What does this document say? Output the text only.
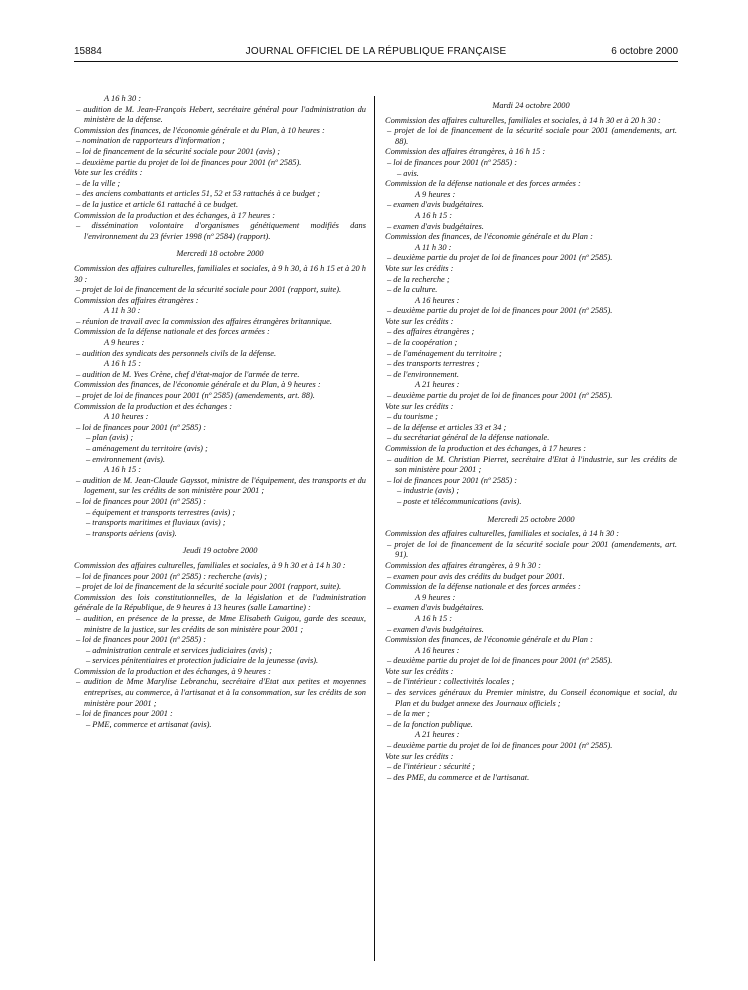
15884	JOURNAL OFFICIEL DE LA RÉPUBLIQUE FRANÇAISE	6 octobre 2000
A 16 h 30 :
– audition de M. Jean-François Hebert, secrétaire général pour l'administration du ministère de la défense.
Commission des finances, de l'économie générale et du Plan, à 10 heures :
– nomination de rapporteurs d'information ;
– loi de financement de la sécurité sociale pour 2001 (avis) ;
– deuxième partie du projet de loi de finances pour 2001 (nº 2585).
Vote sur les crédits :
– de la ville ;
– des anciens combattants et articles 51, 52 et 53 rattachés à ce budget ;
– de la justice et article 61 rattaché à ce budget.
Commission de la production et des échanges, à 17 heures :
– dissémination volontaire d'organismes génétiquement modifiés dans l'environnement du 23 février 1998 (nº 2584) (rapport).
Mercredi 18 octobre 2000
Commission des affaires culturelles, familiales et sociales, à 9 h 30, à 16 h 15 et à 20 h 30 :
– projet de loi de financement de la sécurité sociale pour 2001 (rapport, suite).
Commission des affaires étrangères :
A 11 h 30 :
– réunion de travail avec la commission des affaires étrangères britannique.
Commission de la défense nationale et des forces armées :
A 9 heures :
– audition des syndicats des personnels civils de la défense.
A 16 h 15 :
– audition de M. Yves Crène, chef d'état-major de l'armée de terre.
Commission des finances, de l'économie générale et du Plan, à 9 heures :
– projet de loi de finances pour 2001 (nº 2585) (amendements, art. 88).
Commission de la production et des échanges :
A 10 heures :
– loi de finances pour 2001 (nº 2585) :
– plan (avis) ;
– aménagement du territoire (avis) ;
– environnement (avis).
A 16 h 15 :
– audition de M. Jean-Claude Gayssot, ministre de l'équipement, des transports et du logement, sur les crédits de son ministère pour 2001 ;
– loi de finances pour 2001 (nº 2585) :
– équipement et transports terrestres (avis) ;
– transports maritimes et fluviaux (avis) ;
– transports aériens (avis).
Jeudi 19 octobre 2000
Commission des affaires culturelles, familiales et sociales, à 9 h 30 et à 14 h 30 :
– loi de finances pour 2001 (nº 2585) : recherche (avis) ;
– projet de loi de financement de la sécurité sociale pour 2001 (rapport, suite).
Commission des lois constitutionnelles, de la législation et de l'administration générale de la République, de 9 heures à 13 heures (salle Lamartine) :
– audition, en présence de la presse, de Mme Elisabeth Guigou, garde des sceaux, ministre de la justice, sur les crédits de son ministère pour 2001 ;
– loi de finances pour 2001 (nº 2585) :
– administration centrale et services judiciaires (avis) ;
– services pénitentiaires et protection judiciaire de la jeunesse (avis).
Commission de la production et des échanges, à 9 heures :
– audition de Mme Marylise Lebranchu, secrétaire d'Etat aux petites et moyennes entreprises, au commerce, à l'artisanat et à la consommation, sur les crédits de son ministère pour 2001 ;
– loi de finances pour 2001 :
– PME, commerce et artisanat (avis).
Mardi 24 octobre 2000
Commission des affaires culturelles, familiales et sociales, à 14 h 30 et à 20 h 30 :
– projet de loi de financement de la sécurité sociale pour 2001 (amendements, art. 88).
Commission des affaires étrangères, à 16 h 15 :
– loi de finances pour 2001 (nº 2585) :
– avis.
Commission de la défense nationale et des forces armées :
A 9 heures :
– examen d'avis budgétaires.
A 16 h 15 :
– examen d'avis budgétaires.
Commission des finances, de l'économie générale et du Plan :
A 11 h 30 :
– deuxième partie du projet de loi de finances pour 2001 (nº 2585).
Vote sur les crédits :
– de la recherche ;
– de la culture.
A 16 heures :
– deuxième partie du projet de loi de finances pour 2001 (nº 2585).
Vote sur les crédits :
– des affaires étrangères ;
– de la coopération ;
– de l'aménagement du territoire ;
– des transports terrestres ;
– de l'environnement.
A 21 heures :
– deuxième partie du projet de loi de finances pour 2001 (nº 2585).
Vote sur les crédits :
– du tourisme ;
– de la défense et articles 33 et 34 ;
– du secrétariat général de la défense nationale.
Commission de la production et des échanges, à 17 heures :
– audition de M. Christian Pierret, secrétaire d'Etat à l'industrie, sur les crédits de son ministère pour 2001 ;
– loi de finances pour 2001 (nº 2585) :
– industrie (avis) ;
– poste et télécommunications (avis).
Mercredi 25 octobre 2000
Commission des affaires culturelles, familiales et sociales, à 14 h 30 :
– projet de loi de financement de la sécurité sociale pour 2001 (amendements, art. 91).
Commission des affaires étrangères, à 9 h 30 :
– examen pour avis des crédits du budget pour 2001.
Commission de la défense nationale et des forces armées :
A 9 heures :
– examen d'avis budgétaires.
A 16 h 15 :
– examen d'avis budgétaires.
Commission des finances, de l'économie générale et du Plan :
A 16 heures :
– deuxième partie du projet de loi de finances pour 2001 (nº 2585).
Vote sur les crédits :
– de l'intérieur : collectivités locales ;
– des services généraux du Premier ministre, du Conseil économique et social, du Plan et du budget annexe des Journaux officiels ;
– de la mer ;
– de la fonction publique.
A 21 heures :
– deuxième partie du projet de loi de finances pour 2001 (nº 2585).
Vote sur les crédits :
– de l'intérieur : sécurité ;
– des PME, du commerce et de l'artisanat.
